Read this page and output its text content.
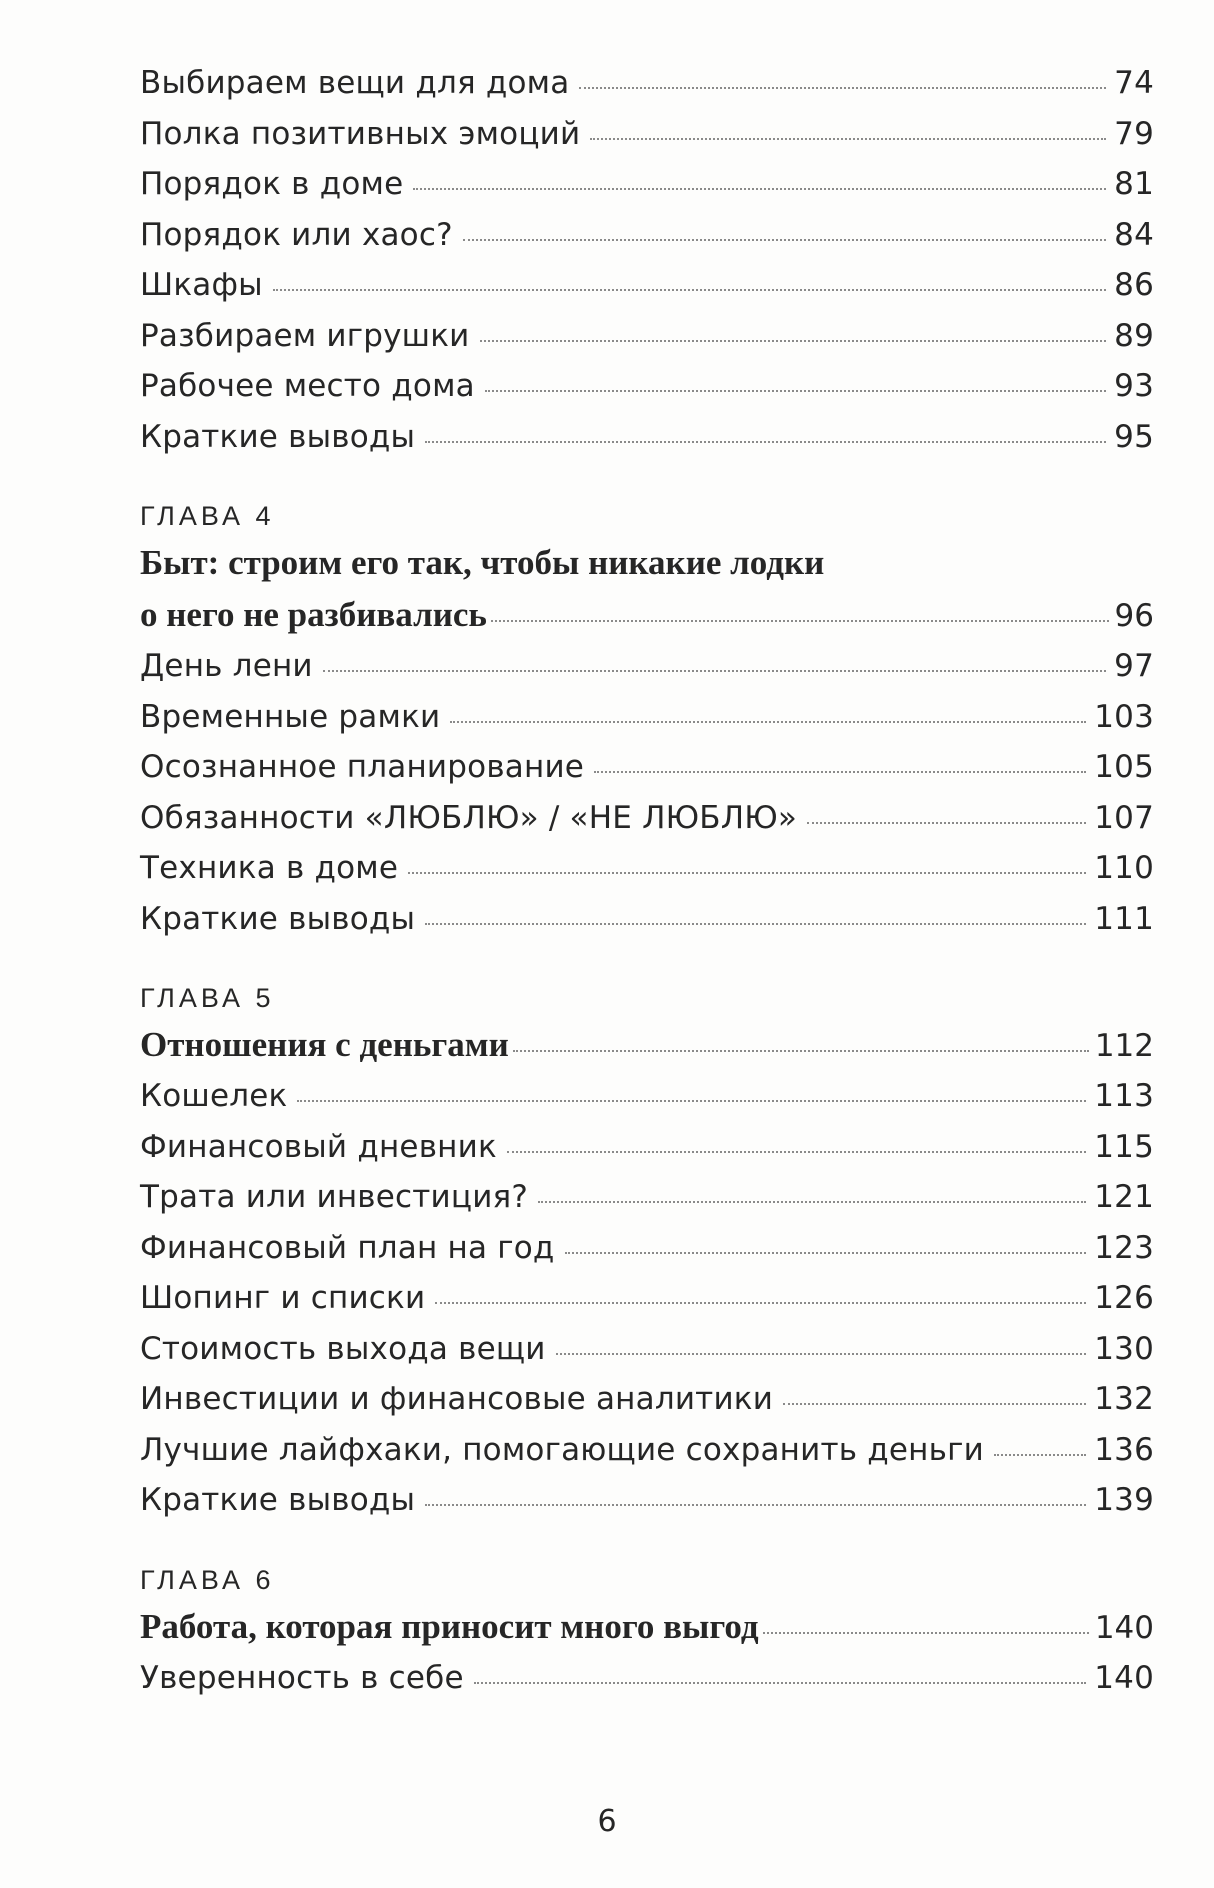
Выбираем вещи для дома	74
Полка позитивных эмоций	79
Порядок в доме	81
Порядок или хаос?	84
Шкафы	86
Разбираем игрушки	89
Рабочее место дома	93
Краткие выводы	95
ГЛАВА 4
Быт: строим его так, чтобы никакие лодки
о него не разбивались	96
День лени	97
Временные рамки	103
Осознанное планирование	105
Обязанности «ЛЮБЛЮ» / «НЕ ЛЮБЛЮ»	107
Техника в доме	110
Краткие выводы	111
ГЛАВА 5
Отношения с деньгами	112
Кошелек	113
Финансовый дневник	115
Трата или инвестиция?	121
Финансовый план на год	123
Шопинг и списки	126
Стоимость выхода вещи	130
Инвестиции и финансовые аналитики	132
Лучшие лайфхаки, помогающие сохранить деньги	136
Краткие выводы	139
ГЛАВА 6
Работа, которая приносит много выгод	140
Уверенность в себе	140
6
